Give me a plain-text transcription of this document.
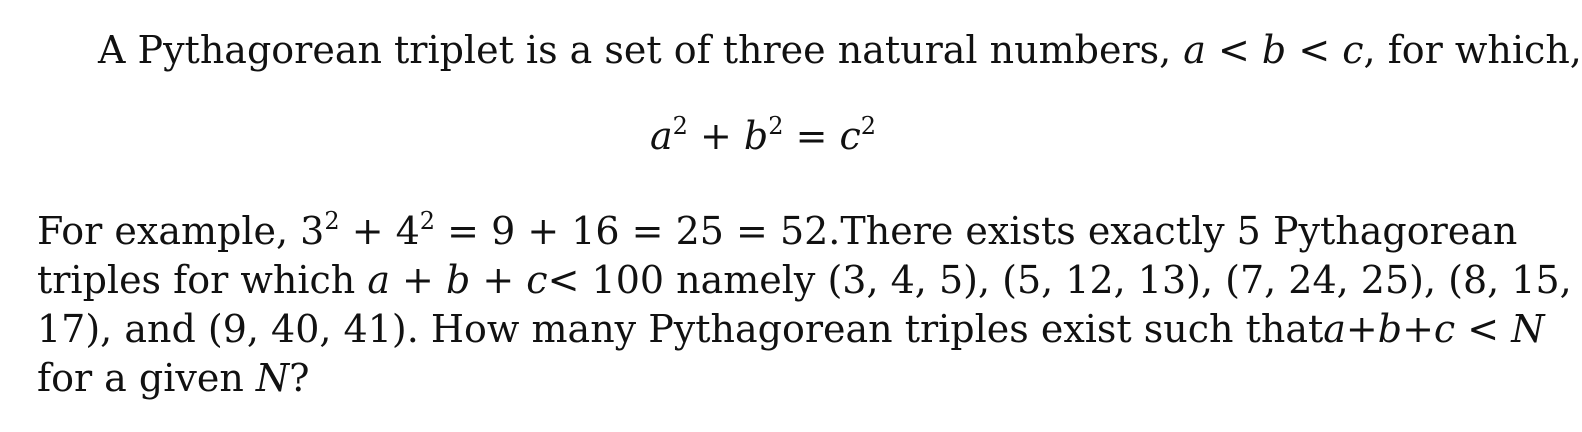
A Pythagorean triplet is a set of three natural numbers, a < b < c, for which,
$a^2 + b^2 = c^2$
For example, $3^2 + 4^2 = 9 + 16 = 25 = 52$. There exists exactly 5 Pythagorean
triples for which a + b + c < 100 namely (3, 4, 5), (5, 12, 13), (7, 24, 25), (8, 15,
17), and (9, 40, 41). How many Pythagorean triples exist such that a+b+c < N
for a given N?
